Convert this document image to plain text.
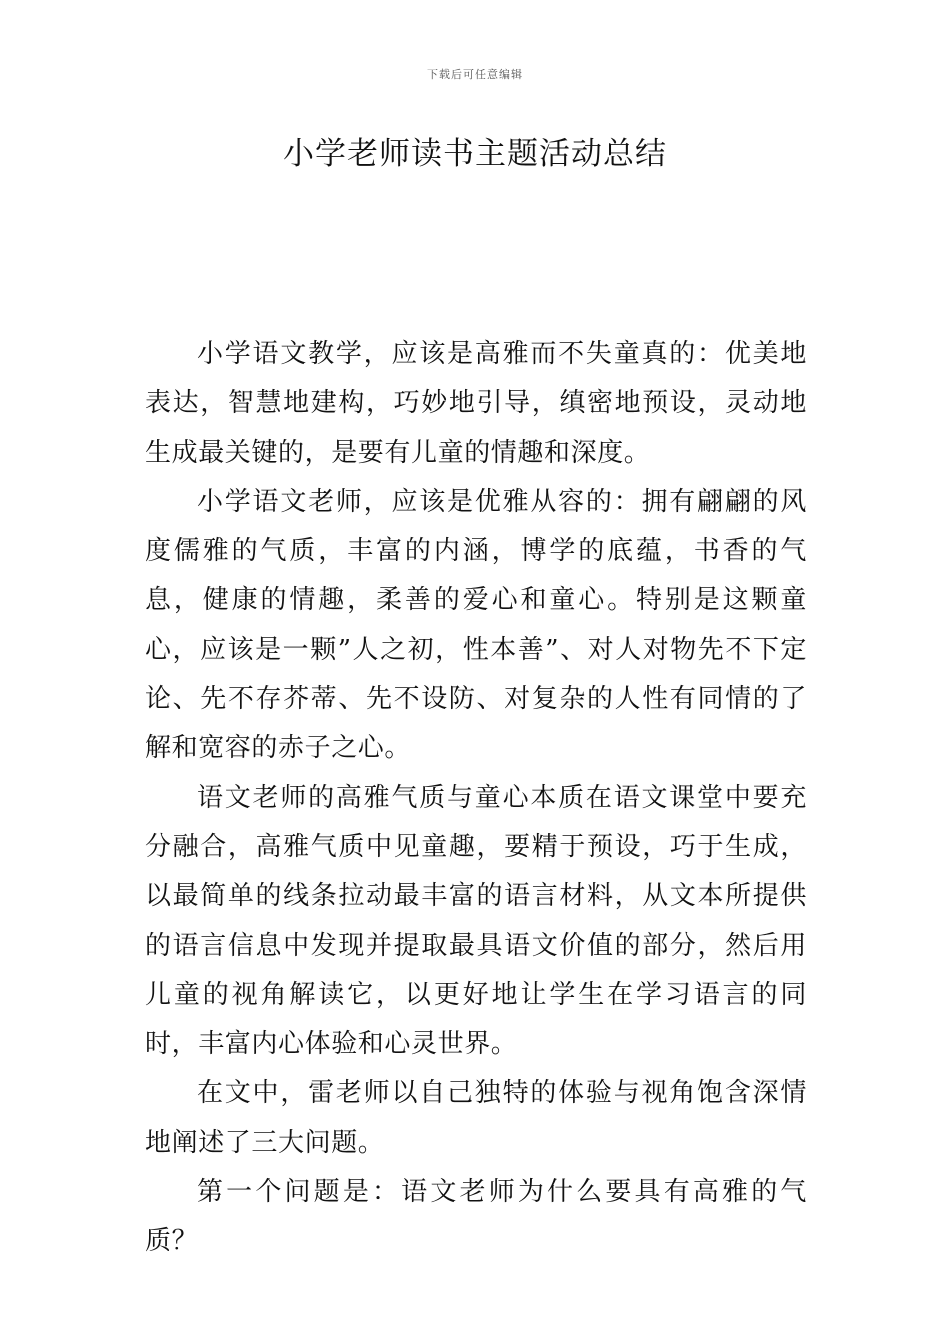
下载后可任意编辑
小学老师读书主题活动总结

小学语文教学，应该是高雅而不失童真的：优美地表达，智慧地建构，巧妙地引导，缜密地预设，灵动地生成最关键的，是要有儿童的情趣和深度。

小学语文老师，应该是优雅从容的：拥有翩翩的风度儒雅的气质，丰富的内涵，博学的底蕴，书香的气息，健康的情趣，柔善的爱心和童心。特别是这颗童心，应该是一颗”人之初，性本善”、对人对物先不下定论、先不存芥蒂、先不设防、对复杂的人性有同情的了解和宽容的赤子之心。

语文老师的高雅气质与童心本质在语文课堂中要充分融合，高雅气质中见童趣，要精于预设，巧于生成，以最简单的线条拉动最丰富的语言材料，从文本所提供的语言信息中发现并提取最具语文价值的部分，然后用儿童的视角解读它，以更好地让学生在学习语言的同时，丰富内心体验和心灵世界。

在文中，雷老师以自己独特的体验与视角饱含深情地阐述了三大问题。

第一个问题是：语文老师为什么要具有高雅的气质？
